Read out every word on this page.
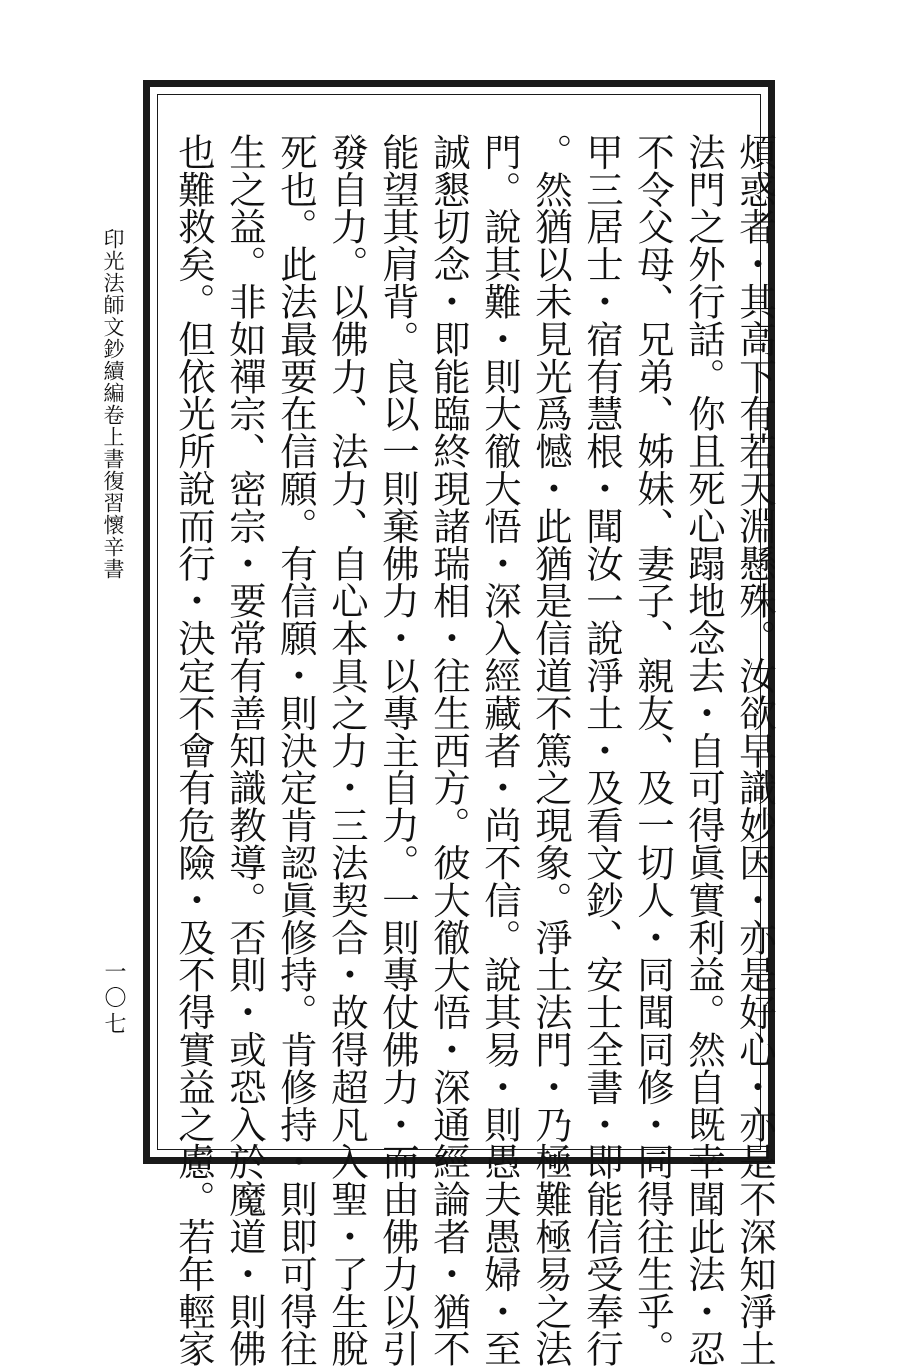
印光法師文鈔續編卷上書復習懷辛書
一〇七	煩惑者・其高下有若天淵懸殊。汝欲早識妙因・亦是好心・亦是不深知淨土
法門之外行話。你且死心蹋地念去・自可得眞實利益。然自既幸聞此法・忍
不令父母、兄弟、姊妹、妻子、親友、及一切人・同聞同修・同得往生乎。
甲三居士・宿有慧根・聞汝一說淨土・及看文鈔、安士全書・即能信受奉行
。然猶以未見光爲憾・此猶是信道不篤之現象。淨土法門・乃極難極易之法
門。說其難・則大徹大悟・深入經藏者・尚不信。說其易・則愚夫愚婦・至
誠懇切念・即能臨終現諸瑞相・往生西方。彼大徹大悟・深通經論者・猶不
能望其肩背。良以一則棄佛力・以專主自力。一則專仗佛力・而由佛力以引
發自力。以佛力、法力、自心本具之力・三法契合・故得超凡入聖・了生脫
死也。此法最要在信願。有信願・則決定肯認眞修持。肯修持・則即可得往
生之益。非如禪宗、密宗・要常有善知識教導。否則・或恐入於魔道・則佛
也難救矣。但依光所說而行・決定不會有危險・及不得實益之慮。若年輕家
